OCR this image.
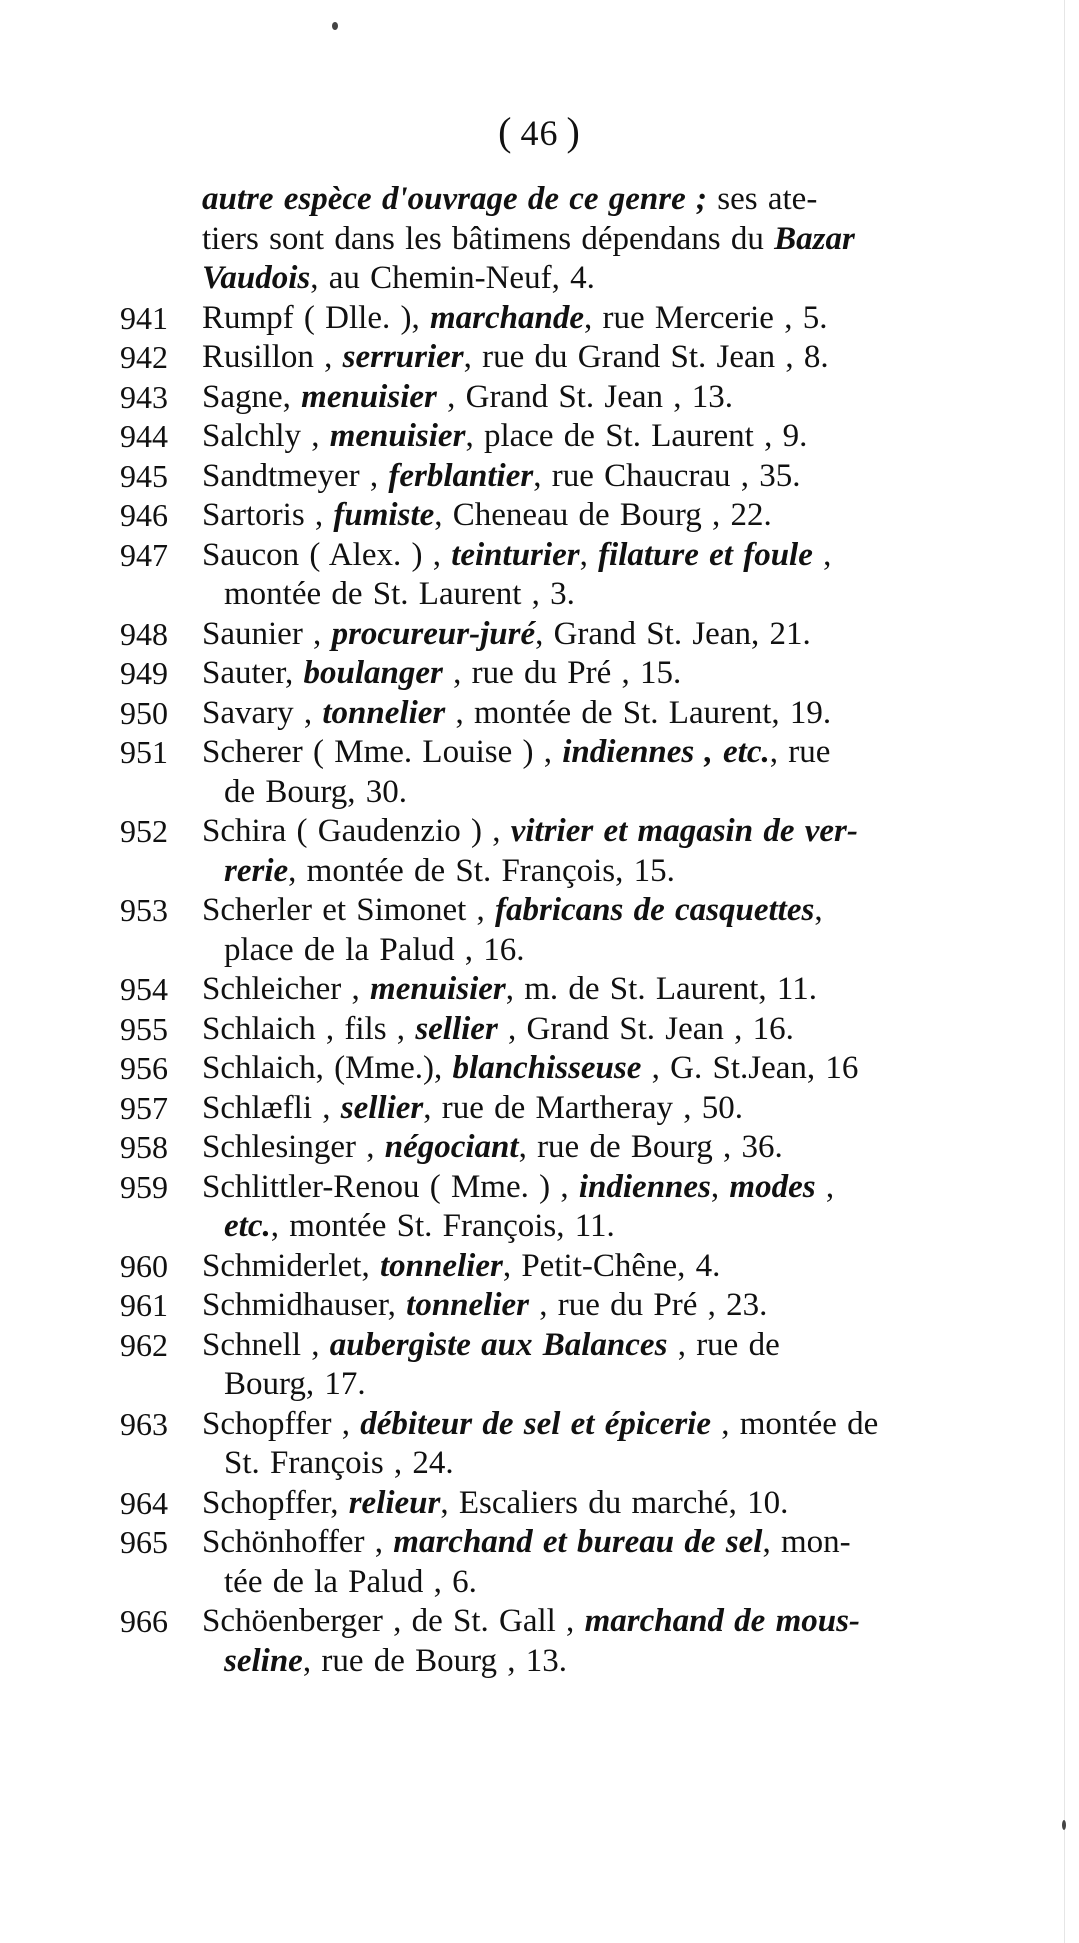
( 46 )
autre espèce d'ouvrage de ce genre ; ses ate-
tiers sont dans les bâtimens dépendans du Bazar
Vaudois, au Chemin-Neuf, 4.
941	Rumpf ( Dlle. ), marchande, rue Mercerie , 5.
942	Rusillon , serrurier, rue du Grand St. Jean , 8.
943	Sagne, menuisier , Grand St. Jean , 13.
944	Salchly , menuisier, place de St. Laurent , 9.
945	Sandtmeyer , ferblantier, rue Chaucrau , 35.
946	Sartoris , fumiste, Cheneau de Bourg , 22.
947	Saucon ( Alex. ) , teinturier, filature et foule ,
montée de St. Laurent , 3.
948	Saunier , procureur-juré, Grand St. Jean, 21.
949	Sauter, boulanger , rue du Pré , 15.
950	Savary , tonnelier , montée de St. Laurent, 19.
951	Scherer ( Mme. Louise ) , indiennes , etc., rue
de Bourg, 30.
952	Schira ( Gaudenzio ) , vitrier et magasin de ver-
rerie, montée de St. François, 15.
953	Scherler et Simonet , fabricans de casquettes,
place de la Palud , 16.
954	Schleicher , menuisier, m. de St. Laurent, 11.
955	Schlaich , fils , sellier , Grand St. Jean , 16.
956	Schlaich, (Mme.), blanchisseuse , G. St.Jean, 16
957	Schlæfli , sellier, rue de Martheray , 50.
958	Schlesinger , négociant, rue de Bourg , 36.
959	Schlittler-Renou ( Mme. ) , indiennes, modes ,
etc., montée St. François, 11.
960	Schmiderlet, tonnelier, Petit-Chêne, 4.
961	Schmidhauser, tonnelier , rue du Pré , 23.
962	Schnell , aubergiste aux Balances , rue de
Bourg, 17.
963	Schopffer , débiteur de sel et épicerie , montée de
St. François , 24.
964	Schopffer, relieur, Escaliers du marché, 10.
965	Schönhoffer , marchand et bureau de sel, mon-
tée de la Palud , 6.
966	Schöenberger , de St. Gall , marchand de mous-
seline, rue de Bourg , 13.
